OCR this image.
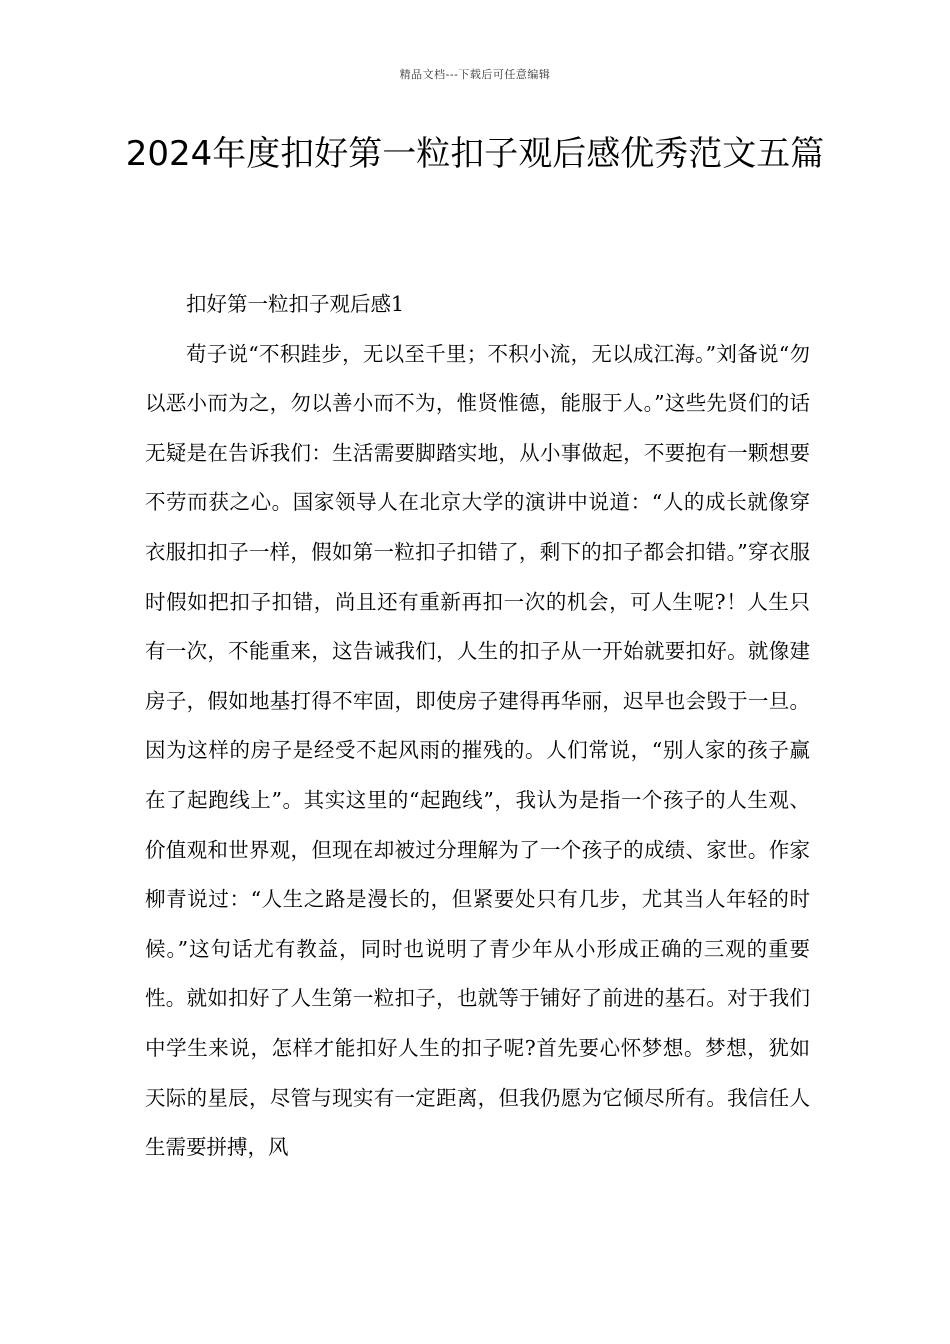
精品文档---下载后可任意编辑
2024年度扣好第一粒扣子观后感优秀范文五篇

扣好第一粒扣子观后感1

荀子说“不积跬步，无以至千里；不积小流，无以成江海。”刘备说“勿以恶小而为之，勿以善小而不为，惟贤惟德，能服于人。”这些先贤们的话无疑是在告诉我们：生活需要脚踏实地，从小事做起，不要抱有一颗想要不劳而获之心。国家领导人在北京大学的演讲中说道：“人的成长就像穿衣服扣扣子一样，假如第一粒扣子扣错了，剩下的扣子都会扣错。”穿衣服时假如把扣子扣错，尚且还有重新再扣一次的机会，可人生呢?！人生只有一次，不能重来，这告诫我们，人生的扣子从一开始就要扣好。就像建房子，假如地基打得不牢固，即使房子建得再华丽，迟早也会毁于一旦。因为这样的房子是经受不起风雨的摧残的。人们常说，“别人家的孩子赢在了起跑线上”。其实这里的“起跑线”，我认为是指一个孩子的人生观、价值观和世界观，但现在却被过分理解为了一个孩子的成绩、家世。作家柳青说过：“人生之路是漫长的，但紧要处只有几步，尤其当人年轻的时候。”这句话尤有教益，同时也说明了青少年从小形成正确的三观的重要性。就如扣好了人生第一粒扣子，也就等于铺好了前进的基石。对于我们中学生来说，怎样才能扣好人生的扣子呢?首先要心怀梦想。梦想，犹如天际的星辰，尽管与现实有一定距离，但我仍愿为它倾尽所有。我信任人生需要拼搏，风
